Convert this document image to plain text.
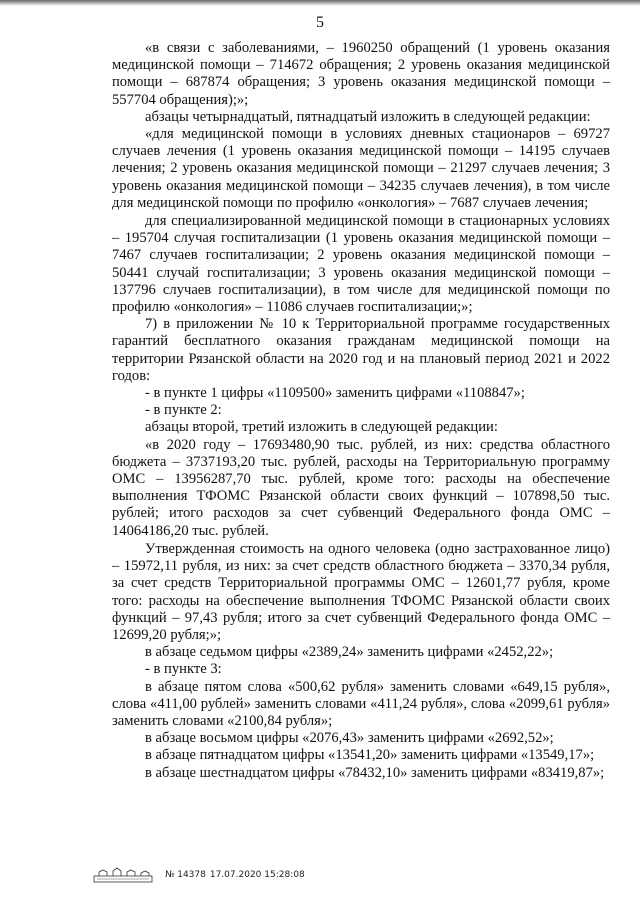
5

«в связи с заболеваниями, – 1960250 обращений (1 уровень оказания медицинской помощи – 714672 обращения; 2 уровень оказания медицинской помощи – 687874 обращения; 3 уровень оказания медицинской помощи – 557704 обращения);»;

абзацы четырнадцатый, пятнадцатый изложить в следующей редакции:

«для медицинской помощи в условиях дневных стационаров – 69727 случаев лечения (1 уровень оказания медицинской помощи – 14195 случаев лечения; 2 уровень оказания медицинской помощи – 21297 случаев лечения; 3 уровень оказания медицинской помощи – 34235 случаев лечения), в том числе для медицинской помощи по профилю «онкология» – 7687 случаев лечения;

для специализированной медицинской помощи в стационарных условиях – 195704 случая госпитализации (1 уровень оказания медицинской помощи – 7467 случаев госпитализации; 2 уровень оказания медицинской помощи – 50441 случай госпитализации; 3 уровень оказания медицинской помощи – 137796 случаев госпитализации), в том числе для медицинской помощи по профилю «онкология» – 11086 случаев госпитализации;»;

7) в приложении № 10 к Территориальной программе государственных гарантий бесплатного оказания гражданам медицинской помощи на территории Рязанской области на 2020 год и на плановый период 2021 и 2022 годов:

- в пункте 1 цифры «1109500» заменить цифрами «1108847»;

- в пункте 2:

абзацы второй, третий изложить в следующей редакции:

«в 2020 году – 17693480,90 тыс. рублей, из них: средства областного бюджета – 3737193,20 тыс. рублей, расходы на Территориальную программу ОМС – 13956287,70 тыс. рублей, кроме того: расходы на обеспечение выполнения ТФОМС Рязанской области своих функций – 107898,50 тыс. рублей; итого расходов за счет субвенций Федерального фонда ОМС – 14064186,20 тыс. рублей.

Утвержденная стоимость на одного человека (одно застрахованное лицо) – 15972,11 рубля, из них: за счет средств областного бюджета – 3370,34 рубля, за счет средств Территориальной программы ОМС – 12601,77 рубля, кроме того: расходы на обеспечение выполнения ТФОМС Рязанской области своих функций – 97,43 рубля; итого за счет субвенций Федерального фонда ОМС – 12699,20 рубля;»;

в абзаце седьмом цифры «2389,24» заменить цифрами «2452,22»;

- в пункте 3:

в абзаце пятом слова «500,62 рубля» заменить словами «649,15 рубля», слова «411,00 рублей» заменить словами «411,24 рубля», слова «2099,61 рубля» заменить словами «2100,84 рубля»;

в абзаце восьмом цифры «2076,43» заменить цифрами «2692,52»;

в абзаце пятнадцатом цифры «13541,20» заменить цифрами «13549,17»;

в абзаце шестнадцатом цифры «78432,10» заменить цифрами «83419,87»;

№ 14378 17.07.2020 15:28:08
